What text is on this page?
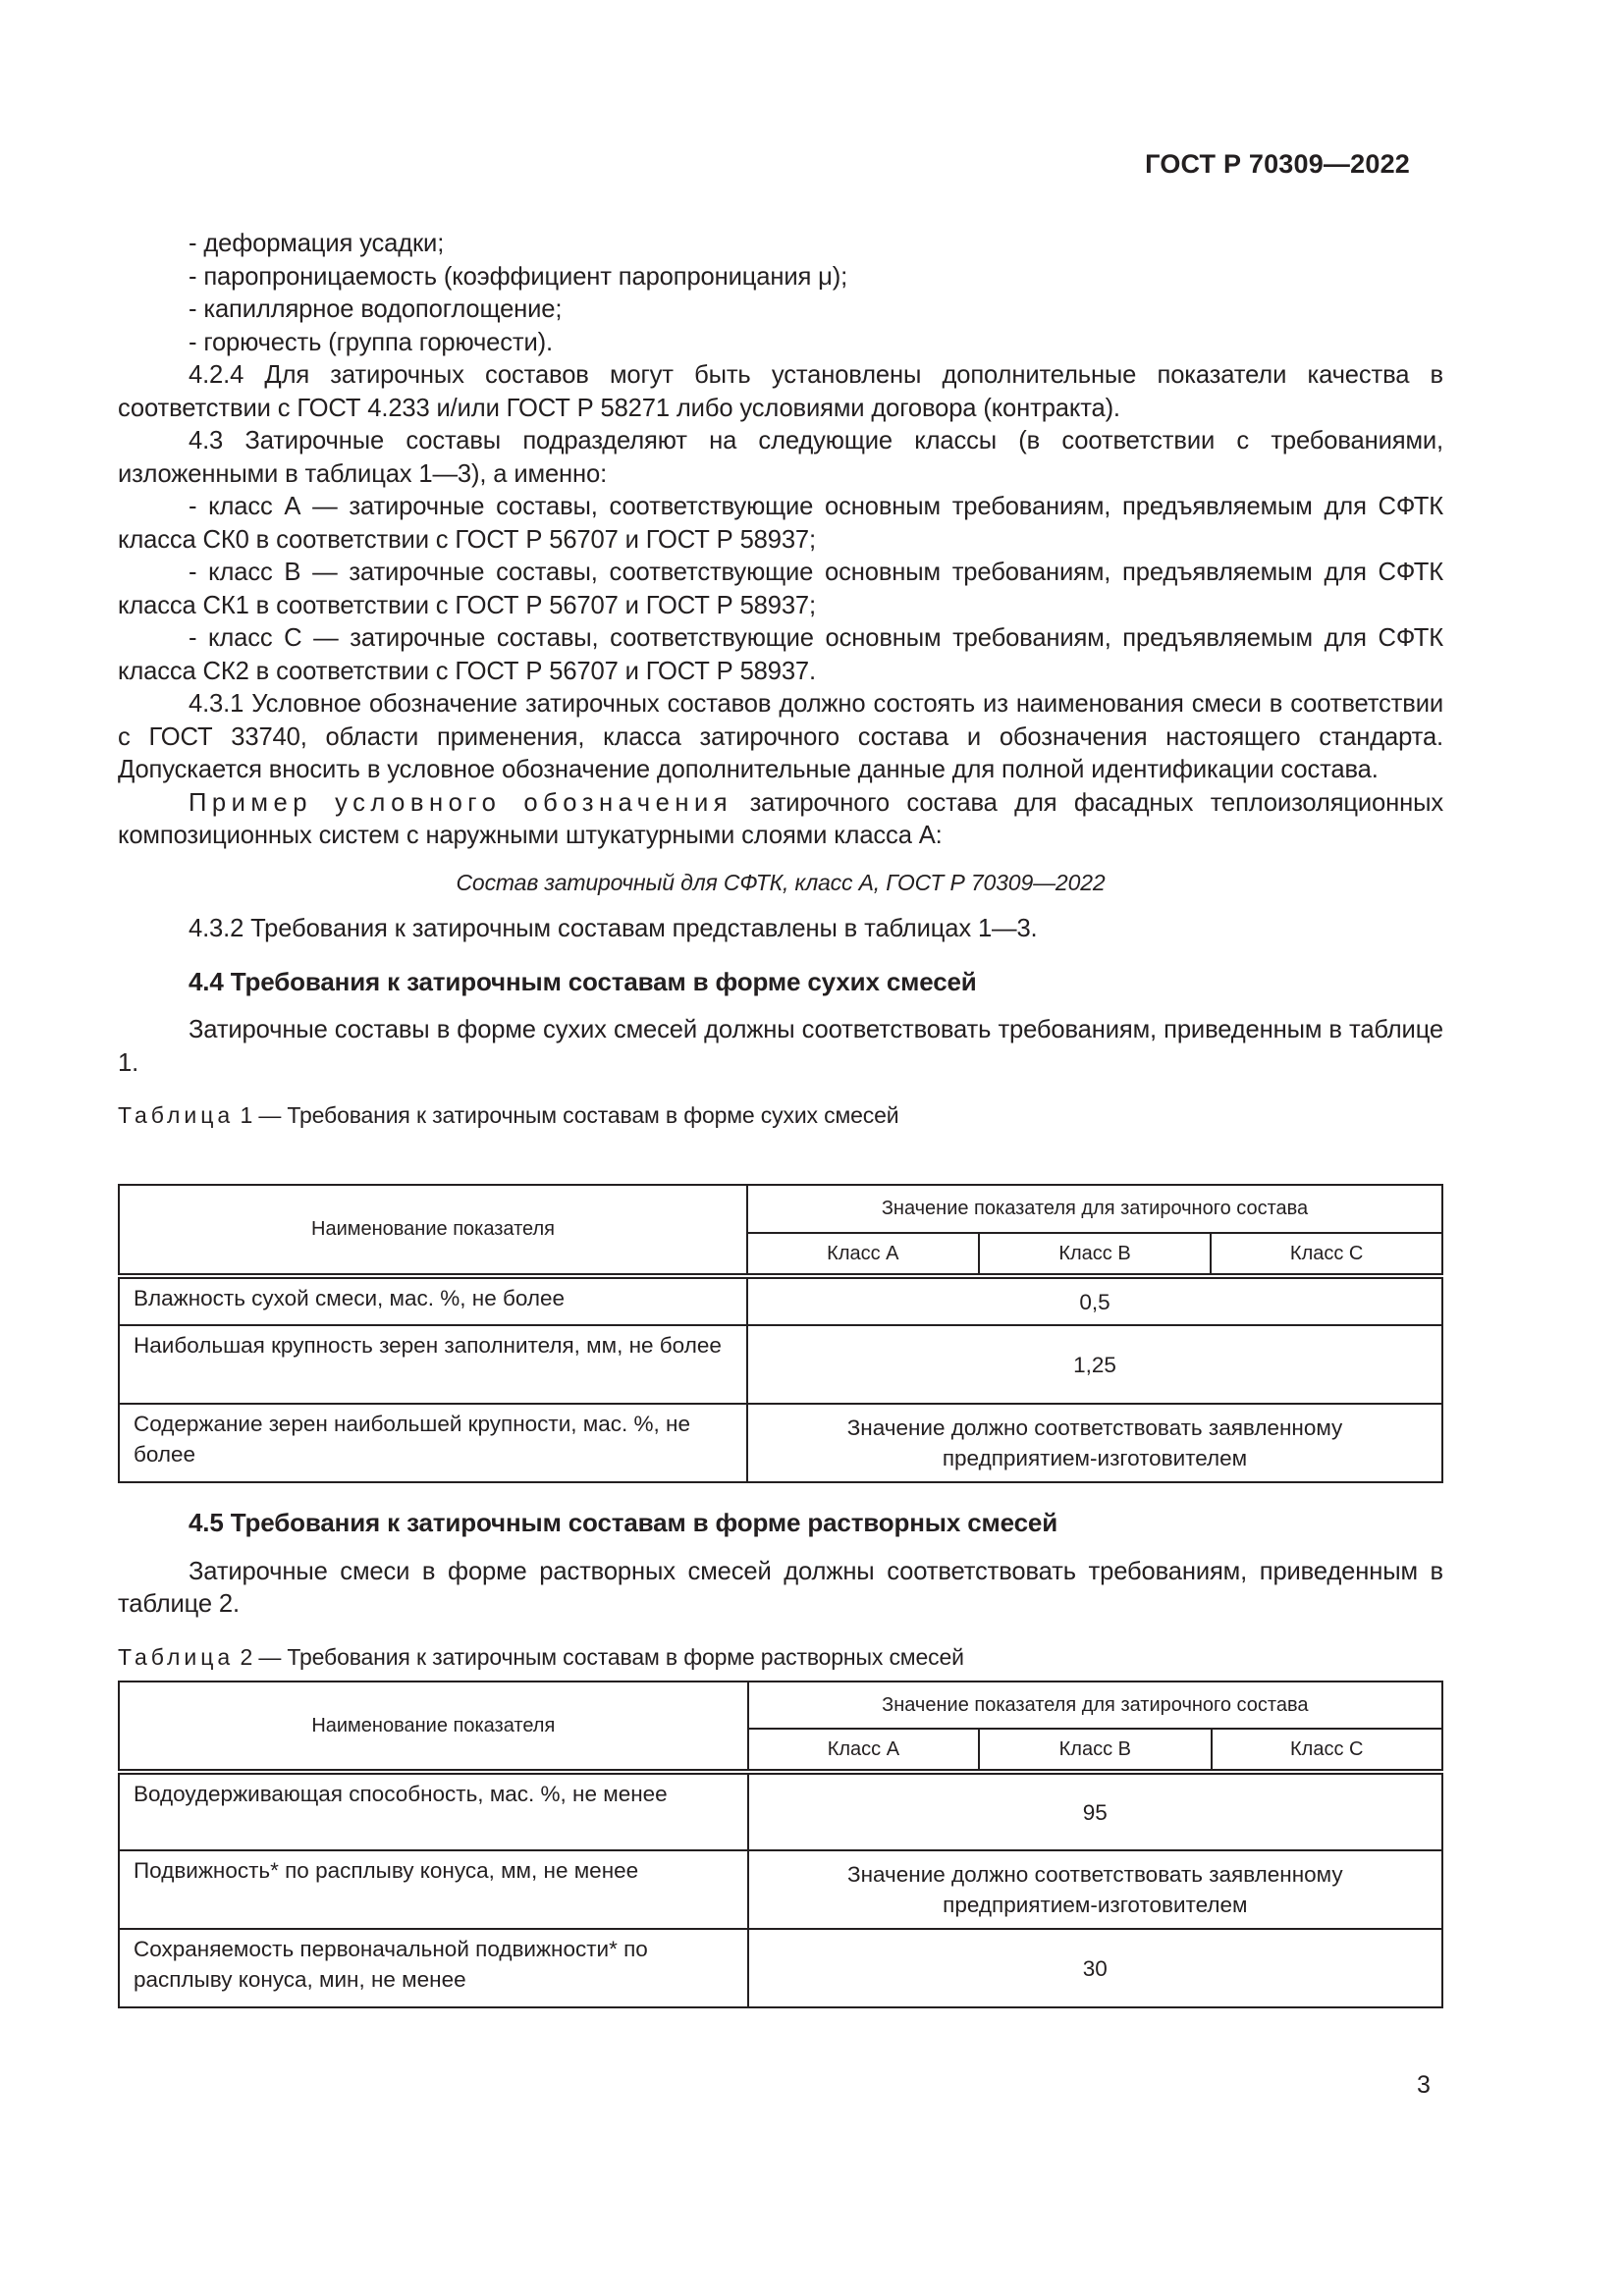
ГОСТ Р 70309—2022

- деформация усадки;

- паропроницаемость (коэффициент паропроницания μ);

- капиллярное водопоглощение;

- горючесть (группа горючести).

4.2.4 Для затирочных составов могут быть установлены дополнительные показатели качества в соответствии с ГОСТ 4.233 и/или ГОСТ Р 58271 либо условиями договора (контракта).

4.3 Затирочные составы подразделяют на следующие классы (в соответствии с требованиями, изложенными в таблицах 1—3), а именно:

- класс А — затирочные составы, соответствующие основным требованиям, предъявляемым для СФТК класса СК0 в соответствии с ГОСТ Р 56707 и ГОСТ Р 58937;

- класс В — затирочные составы, соответствующие основным требованиям, предъявляемым для СФТК класса СК1 в соответствии с ГОСТ Р 56707 и ГОСТ Р 58937;

- класс С — затирочные составы, соответствующие основным требованиям, предъявляемым для СФТК класса СК2 в соответствии с ГОСТ Р 56707 и ГОСТ Р 58937.

4.3.1 Условное обозначение затирочных составов должно состоять из наименования смеси в соответствии с ГОСТ 33740, области применения, класса затирочного состава и обозначения настоящего стандарта. Допускается вносить в условное обозначение дополнительные данные для полной идентификации состава.

Пример условного обозначения затирочного состава для фасадных теплоизоляционных композиционных систем с наружными штукатурными слоями класса А:

Состав затирочный для СФТК, класс А, ГОСТ Р 70309—2022

4.3.2 Требования к затирочным составам представлены в таблицах 1—3.

4.4 Требования к затирочным составам в форме сухих смесей

Затирочные составы в форме сухих смесей должны соответствовать требованиям, приведенным в таблице 1.

Таблица 1 — Требования к затирочным составам в форме сухих смесей

Наименование показателя	Значение показателя для затирочного состава		
	Класс А	Класс В	Класс С
Влажность сухой смеси, мас. %, не более	0,5		
Наибольшая крупность зерен заполнителя, мм, не более	1,25		
Содержание зерен наибольшей крупности, мас. %, не более	Значение должно соответствовать заявленному предприятием-изготовителем		

4.5 Требования к затирочным составам в форме растворных смесей

Затирочные смеси в форме растворных смесей должны соответствовать требованиям, приведенным в таблице 2.

Таблица 2 — Требования к затирочным составам в форме растворных смесей

Наименование показателя	Значение показателя для затирочного состава		
	Класс А	Класс В	Класс С
Водоудерживающая способность, мас. %, не менее	95		
Подвижность* по расплыву конуса, мм, не менее	Значение должно соответствовать заявленному предприятием-изготовителем		
Сохраняемость первоначальной подвижности* по расплыву конуса, мин, не менее	30		
3
